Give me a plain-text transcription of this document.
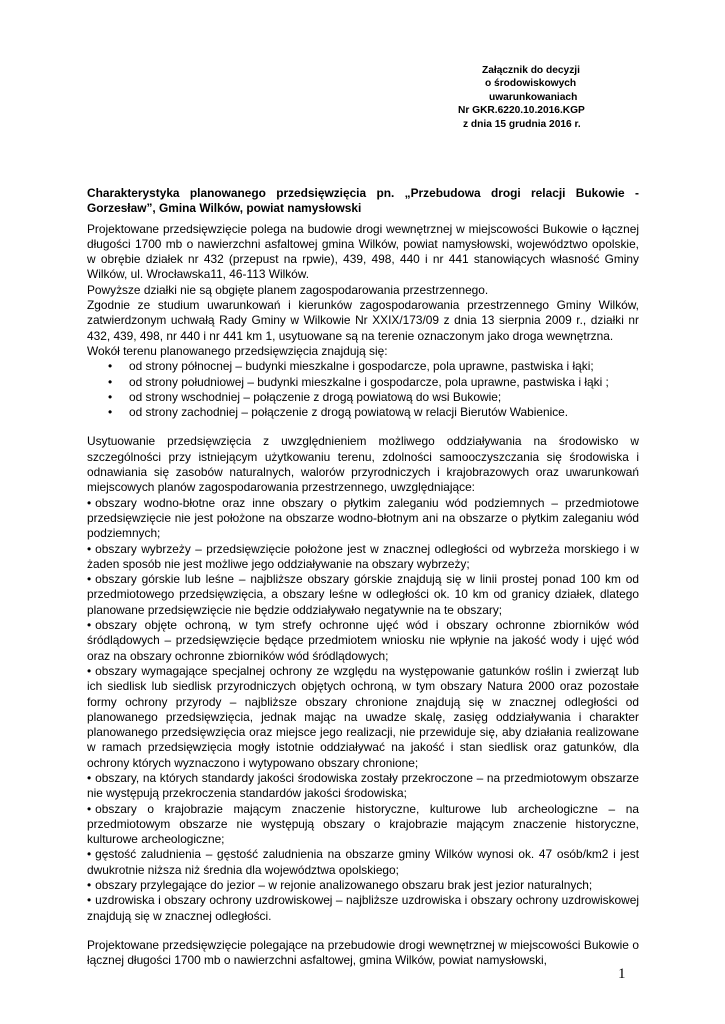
Załącznik do decyzji
o środowiskowych
uwarunkowaniach
Nr GKR.6220.10.2016.KGP
z dnia 15 grudnia 2016 r.

Charakterystyka planowanego przedsięwzięcia pn. „Przebudowa drogi relacji Bukowie - Gorzesław”, Gmina Wilków, powiat namysłowski

Projektowane przedsięwzięcie polega na budowie drogi wewnętrznej w miejscowości Bukowie o łącznej długości 1700 mb o nawierzchni asfaltowej gmina Wilków, powiat namysłowski, województwo opolskie, w obrębie działek nr 432 (przepust na rpwie), 439, 498, 440 i nr 441 stanowiących własność Gminy Wilków, ul. Wrocławska11, 46-113 Wilków.

Powyższe działki nie są obgięte planem zagospodarowania przestrzennego.

Zgodnie ze studium uwarunkowań i kierunków zagospodarowania przestrzennego Gminy Wilków, zatwierdzonym uchwałą Rady Gminy w Wilkowie Nr XXIX/173/09 z dnia 13 sierpnia 2009 r., działki nr 432, 439, 498, nr 440 i nr 441 km 1, usytuowane są na terenie oznaczonym jako droga wewnętrzna.

Wokół terenu planowanego przedsięwzięcia znajdują się:

• od strony północnej – budynki mieszkalne i gospodarcze, pola uprawne, pastwiska i łąki;
• od strony południowej – budynki mieszkalne i gospodarcze, pola uprawne, pastwiska i łąki ;
• od strony wschodniej – połączenie z drogą powiatową do wsi Bukowie;
• od strony zachodniej – połączenie z drogą powiatową w relacji Bierutów Wabienice.

Usytuowanie przedsięwzięcia z uwzględnieniem możliwego oddziaływania na środowisko w szczególności przy istniejącym użytkowaniu terenu, zdolności samooczyszczania się środowiska i odnawiania się zasobów naturalnych, walorów przyrodniczych i krajobrazowych oraz uwarunkowań miejscowych planów zagospodarowania przestrzennego, uwzględniające:

• obszary wodno-błotne oraz inne obszary o płytkim zaleganiu wód podziemnych – przedmiotowe przedsięwzięcie nie jest położone na obszarze wodno-błotnym ani na obszarze o płytkim zaleganiu wód podziemnych;

• obszary wybrzeży – przedsięwzięcie położone jest w znacznej odległości od wybrzeża morskiego i w żaden sposób nie jest możliwe jego oddziaływanie na obszary wybrzeży;

• obszary górskie lub leśne – najbliższe obszary górskie znajdują się w linii prostej ponad 100 km od przedmiotowego przedsięwzięcia, a obszary leśne w odległości ok. 10 km od granicy działek, dlatego planowane przedsięwzięcie nie będzie oddziaływało negatywnie na te obszary;

• obszary objęte ochroną, w tym strefy ochronne ujęć wód i obszary ochronne zbiorników wód śródlądowych – przedsięwzięcie będące przedmiotem wniosku nie wpłynie na jakość wody i ujęć wód oraz na obszary ochronne zbiorników wód śródlądowych;

• obszary wymagające specjalnej ochrony ze względu na występowanie gatunków roślin i zwierząt lub ich siedlisk lub siedlisk przyrodniczych objętych ochroną, w tym obszary Natura 2000 oraz pozostałe formy ochrony przyrody – najbliższe obszary chronione znajdują się w znacznej odległości od planowanego przedsięwzięcia, jednak mając na uwadze skalę, zasięg oddziaływania i charakter planowanego przedsięwzięcia oraz miejsce jego realizacji, nie przewiduje się, aby działania realizowane w ramach przedsięwzięcia mogły istotnie oddziaływać na jakość i stan siedlisk oraz gatunków, dla ochrony których wyznaczono i wytypowano obszary chronione;

• obszary, na których standardy jakości środowiska zostały przekroczone – na przedmiotowym obszarze nie występują przekroczenia standardów jakości środowiska;

• obszary o krajobrazie mającym znaczenie historyczne, kulturowe lub archeologiczne – na przedmiotowym obszarze nie występują obszary o krajobrazie mającym znaczenie historyczne, kulturowe archeologiczne;

• gęstość zaludnienia – gęstość zaludnienia na obszarze gminy Wilków wynosi ok. 47 osób/km2 i jest dwukrotnie niższa niż średnia dla województwa opolskiego;

• obszary przylegające do jezior – w rejonie analizowanego obszaru brak jest jezior naturalnych;

• uzdrowiska i obszary ochrony uzdrowiskowej – najbliższe uzdrowiska i obszary ochrony uzdrowiskowej znajdują się w znacznej odległości.

Projektowane przedsięwzięcie polegające na przebudowie drogi wewnętrznej w miejscowości Bukowie o łącznej długości 1700 mb o nawierzchni asfaltowej, gmina Wilków, powiat namysłowski,

1
